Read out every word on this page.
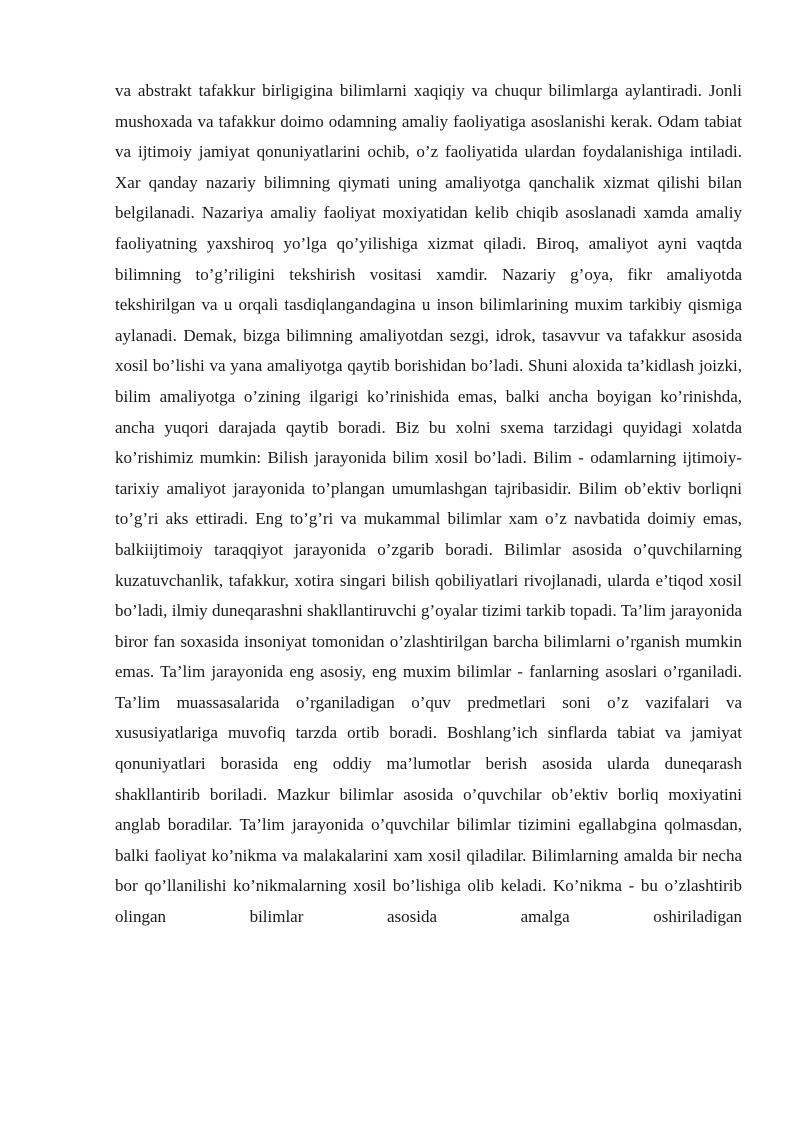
va abstrakt tafakkur birligigina bilimlarni xaqiqiy va chuqur bilimlarga aylantiradi. Jonli mushoxada va tafakkur doimo odamning amaliy faoliyatiga asoslanishi kerak. Odam tabiat va ijtimoiy jamiyat qonuniyatlarini ochib, o’z faoliyatida ulardan foydalanishiga intiladi. Xar qanday nazariy bilimning qiymati uning amaliyotga qanchalik xizmat qilishi bilan belgilanadi. Nazariya amaliy faoliyat moxiyatidan kelib chiqib asoslanadi xamda amaliy faoliyatning yaxshiroq yo’lga qo’yilishiga xizmat qiladi. Biroq, amaliyot ayni vaqtda bilimning to’g’riligini tekshirish vositasi xamdir. Nazariy g’oya, fikr amaliyotda tekshirilgan va u orqali tasdiqlangandagina u inson bilimlarining muxim tarkibiy qismiga aylanadi. Demak, bizga bilimning amaliyotdan sezgi, idrok, tasavvur va tafakkur asosida xosil bo’lishi va yana amaliyotga qaytib borishidan bo’ladi. Shuni aloxida ta’kidlash joizki, bilim amaliyotga o’zining ilgarigi ko’rinishida emas, balki ancha boyigan ko’rinishda, ancha yuqori darajada qaytib boradi. Biz bu xolni sxema tarzidagi quyidagi xolatda ko’rishimiz mumkin: Bilish jarayonida bilim xosil bo’ladi. Bilim - odamlarning ijtimoiy-tarixiy amaliyot jarayonida to’plangan umumlashgan tajribasidir. Bilim ob’ektiv borliqni to’g’ri aks ettiradi. Eng to’g’ri va mukammal bilimlar xam o’z navbatida doimiy emas, balkiijtimoiy taraqqiyot jarayonida o’zgarib boradi. Bilimlar asosida o’quvchilarning kuzatuvchanlik, tafakkur, xotira singari bilish qobiliyatlari rivojlanadi, ularda e’tiqod xosil bo’ladi, ilmiy duneqarashni shakllantiruvchi g’oyalar tizimi tarkib topadi. Ta’lim jarayonida biror fan soxasida insoniyat tomonidan o’zlashtirilgan barcha bilimlarni o’rganish mumkin emas. Ta’lim jarayonida eng asosiy, eng muxim bilimlar - fanlarning asoslari o’rganiladi. Ta’lim muassasalarida o’rganiladigan o’quv predmetlari soni o’z vazifalari va xususiyatlariga muvofiq tarzda ortib boradi. Boshlang’ich sinflarda tabiat va jamiyat qonuniyatlari borasida eng oddiy ma’lumotlar berish asosida ularda duneqarash shakllantirib boriladi. Mazkur bilimlar asosida o’quvchilar ob’ektiv borliq moxiyatini anglab boradilar. Ta’lim jarayonida o’quvchilar bilimlar tizimini egallabgina qolmasdan, balki faoliyat ko’nikma va malakalarini xam xosil qiladilar. Bilimlarning amalda bir necha bor qo’llanilishi ko’nikmalarning xosil bo’lishiga olib keladi. Ko’nikma - bu o’zlashtirib olingan bilimlar asosida amalga oshiriladigan
